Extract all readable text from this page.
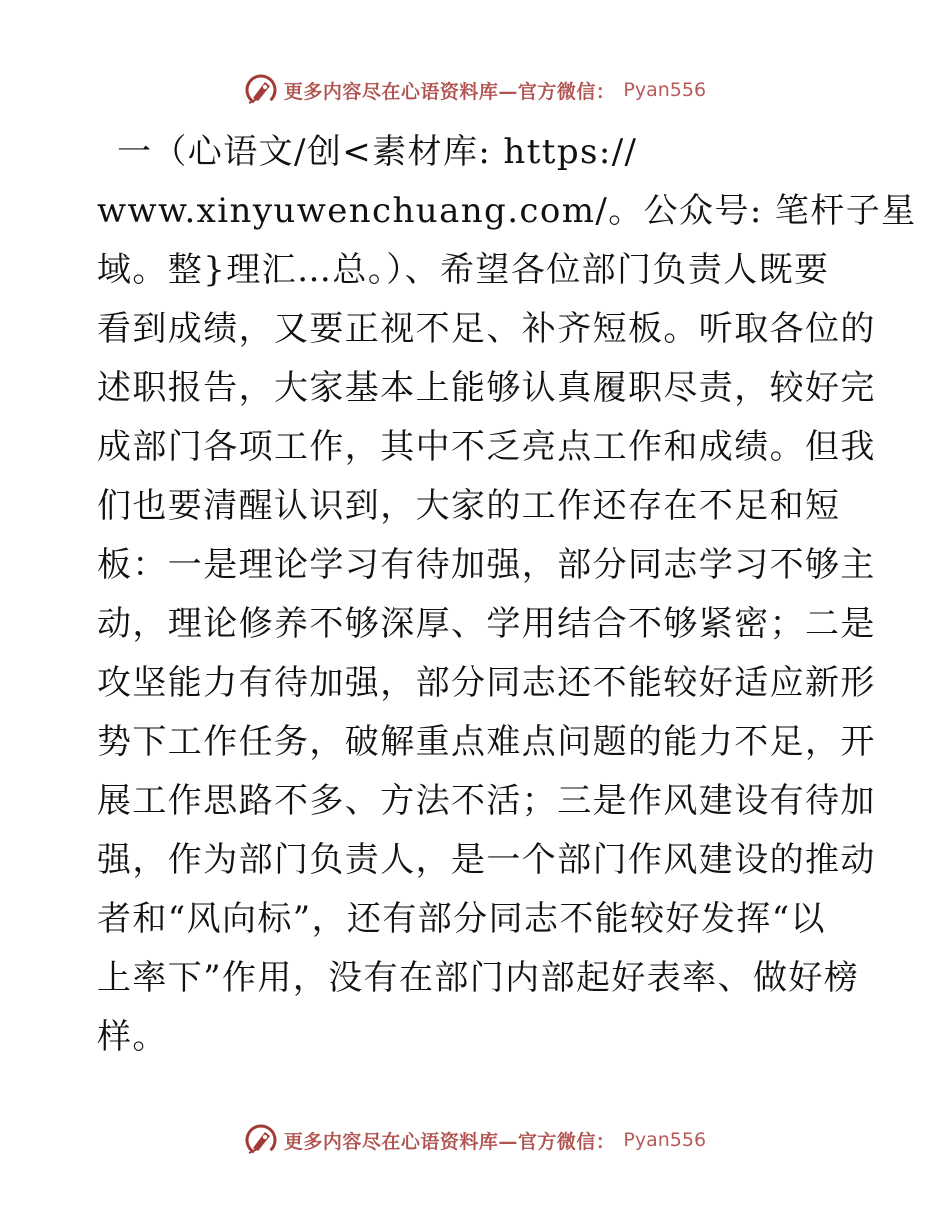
更多内容尽在心语资料库—官方微信： Pyan556
一（心语文/创<素材库: https://
www.xinyuwenchuang.com/。公众号: 笔杆子星
域。整}理汇…总。）、希望各位部门负责人既要
看到成绩，又要正视不足、补齐短板。听取各位的
述职报告，大家基本上能够认真履职尽责，较好完
成部门各项工作，其中不乏亮点工作和成绩。但我
们也要清醒认识到，大家的工作还存在不足和短
板：一是理论学习有待加强，部分同志学习不够主
动，理论修养不够深厚、学用结合不够紧密；二是
攻坚能力有待加强，部分同志还不能较好适应新形
势下工作任务，破解重点难点问题的能力不足，开
展工作思路不多、方法不活；三是作风建设有待加
强，作为部门负责人，是一个部门作风建设的推动
者和“风向标”，还有部分同志不能较好发挥“以
上率下”作用，没有在部门内部起好表率、做好榜
样。
更多内容尽在心语资料库—官方微信： Pyan556
